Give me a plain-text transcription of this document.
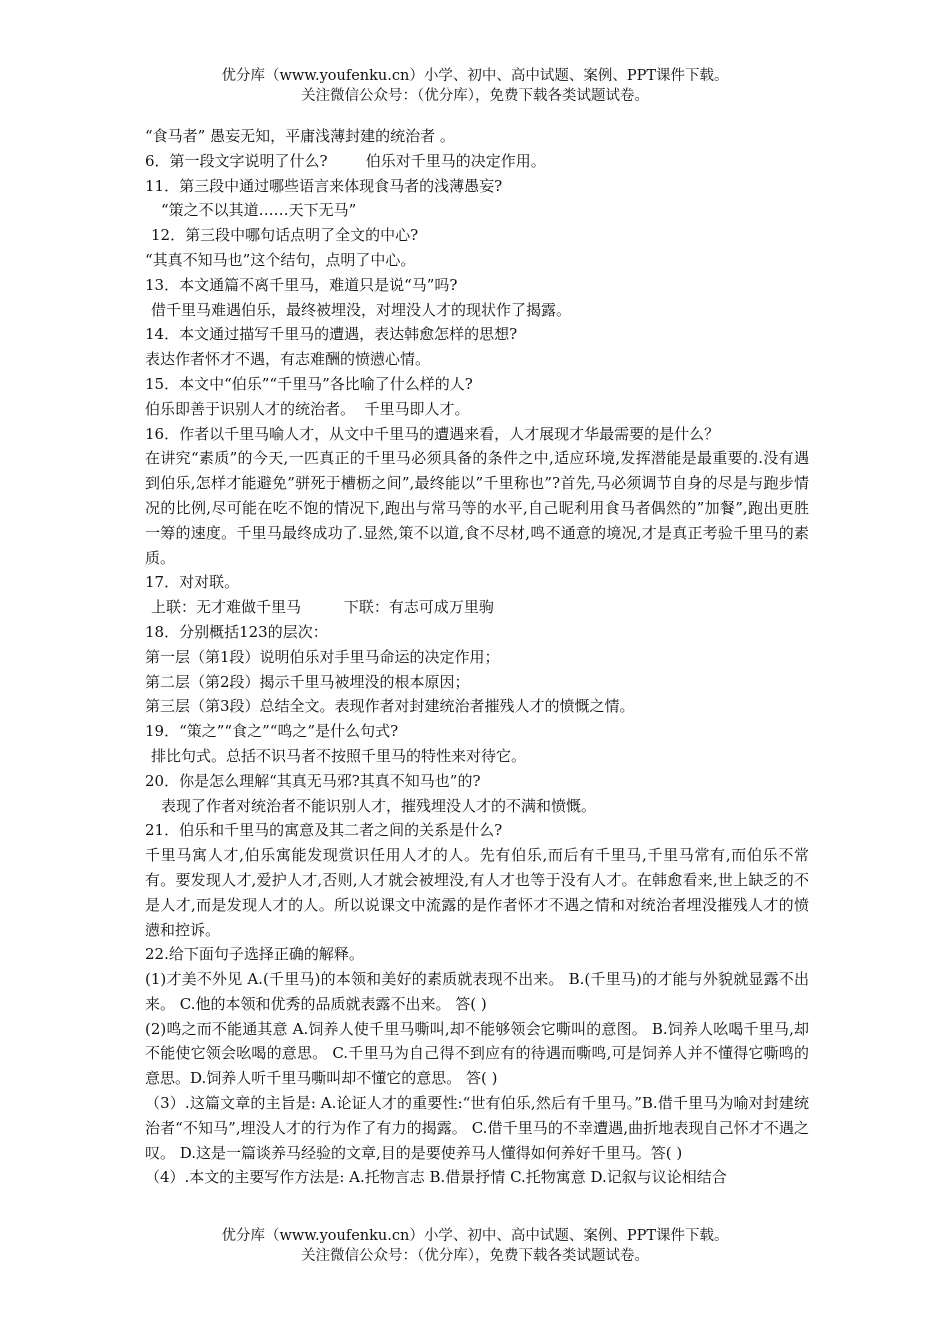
优分库（www.youfenku.cn）小学、初中、高中试题、案例、PPT课件下载。
关注微信公众号：（优分库），免费下载各类试题试卷。
“食马者” 愚妄无知，平庸浅薄封建的统治者 。
6．第一段文字说明了什么?        伯乐对千里马的决定作用。
11．第三段中通过哪些语言来体现食马者的浅薄愚妄?
“策之不以其道……天下无马”
12．第三段中哪句话点明了全文的中心?
“其真不知马也”这个结句，点明了中心。
13．本文通篇不离千里马，难道只是说“马”吗?
借千里马难遇伯乐，最终被埋没，对埋没人才的现状作了揭露。
14．本文通过描写千里马的遭遇，表达韩愈怎样的思想?
表达作者怀才不遇，有志难酬的愤懑心情。
15．本文中“伯乐”“千里马”各比喻了什么样的人?
伯乐即善于识别人才的统治者。  千里马即人才。
16．作者以千里马喻人才，从文中千里马的遭遇来看，人才展现才华最需要的是什么？
在讲究“素质”的今天,一匹真正的千里马必须具备的条件之中,适应环境,发挥潜能是最重要的.没有遇到伯乐,怎样才能避免”骈死于槽枥之间”,最终能以”千里称也”?首先,马必须调节自身的尽是与跑步情况的比例,尽可能在吃不饱的情况下,跑出与常马等的水平,自己昵利用食马者偶然的”加餐”,跑出更胜一筹的速度。千里马最终成功了.显然,策不以道,食不尽材,鸣不通意的境况,才是真正考验千里马的素质。
17．对对联。
上联：无才难做千里马         下联：有志可成万里驹
18．分别概括123的层次：
第一层（第1段）说明伯乐对手里马命运的决定作用；
第二层（第2段）揭示千里马被埋没的根本原因；
第三层（第3段）总结全文。表现作者对封建统治者摧残人才的愤慨之情。
19．“策之”“食之”“鸣之”是什么句式?
排比句式。总括不识马者不按照千里马的特性来对待它。
20．你是怎么理解“其真无马邪?其真不知马也”的?
表现了作者对统治者不能识别人才，摧残埋没人才的不满和愤慨。
21．伯乐和千里马的寓意及其二者之间的关系是什么?
千里马寓人才,伯乐寓能发现赏识任用人才的人。先有伯乐,而后有千里马,千里马常有,而伯乐不常有。要发现人才,爱护人才,否则,人才就会被埋没,有人才也等于没有人才。在韩愈看来,世上缺乏的不是人才,而是发现人才的人。所以说课文中流露的是作者怀才不遇之情和对统治者埋没摧残人才的愤懑和控诉。
22.给下面句子选择正确的解释。
(1)才美不外见 A.(千里马)的本领和美好的素质就表现不出来。 B.(千里马)的才能与外貌就显露不出来。 C.他的本领和优秀的品质就表露不出来。 答( )
(2)鸣之而不能通其意 A.饲养人使千里马嘶叫,却不能够领会它嘶叫的意图。 B.饲养人吆喝千里马,却不能使它领会吆喝的意思。 C.千里马为自己得不到应有的待遇而嘶鸣,可是饲养人并不懂得它嘶鸣的意思。D.饲养人听千里马嘶叫却不懂它的意思。 答( )
（3）.这篇文章的主旨是: A.论证人才的重要性:“世有伯乐,然后有千里马。”B.借千里马为喻对封建统治者“不知马”,埋没人才的行为作了有力的揭露。 C.借千里马的不幸遭遇,曲折地表现自己怀才不遇之叹。 D.这是一篇谈养马经验的文章,目的是要使养马人懂得如何养好千里马。答( )
（4）.本文的主要写作方法是: A.托物言志 B.借景抒情 C.托物寓意 D.记叙与议论相结合
优分库（www.youfenku.cn）小学、初中、高中试题、案例、PPT课件下载。
关注微信公众号：（优分库），免费下载各类试题试卷。
